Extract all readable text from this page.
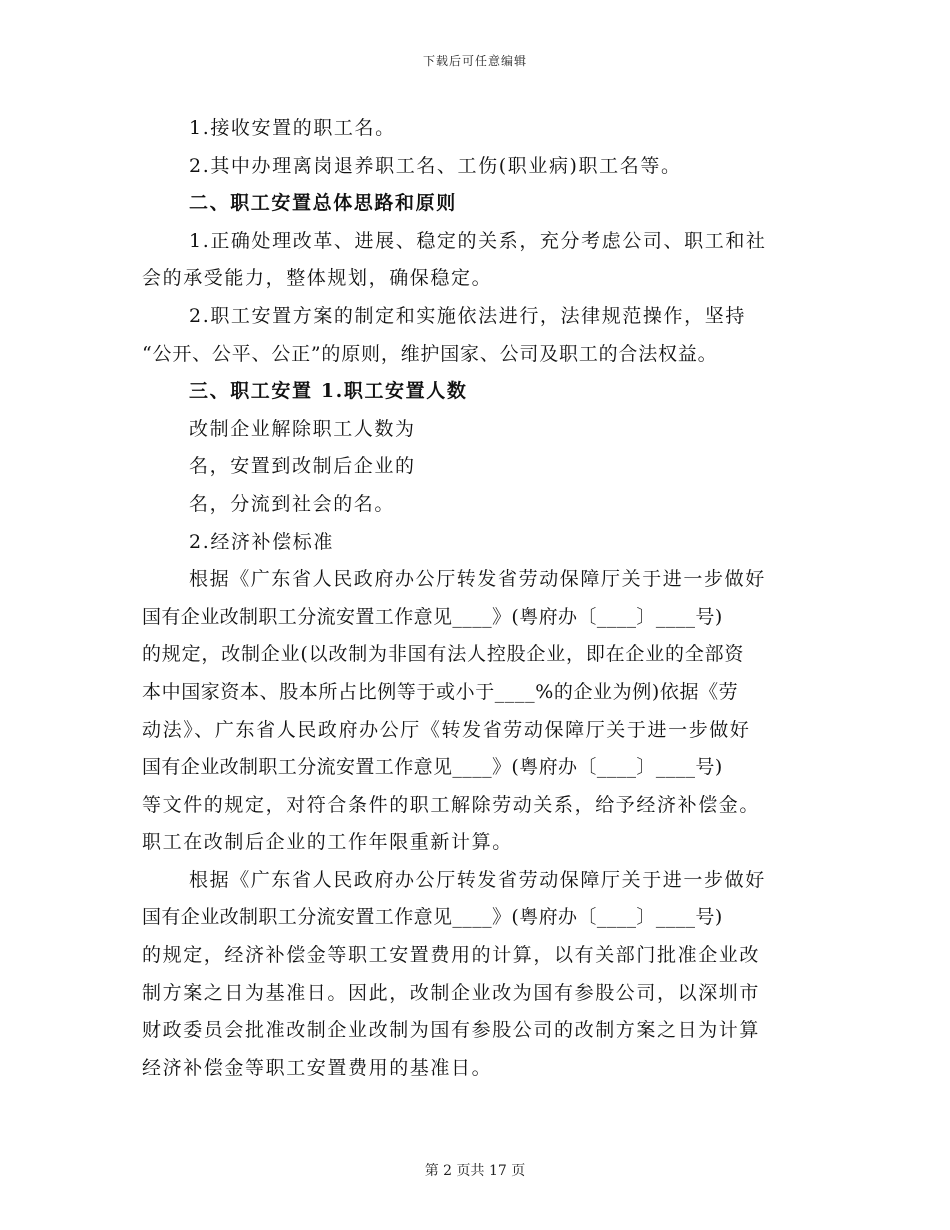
下载后可任意编辑
1.接收安置的职工名。
2.其中办理离岗退养职工名、工伤(职业病)职工名等。
二、职工安置总体思路和原则
1.正确处理改革、进展、稳定的关系，充分考虑公司、职工和社
会的承受能力，整体规划，确保稳定。
2.职工安置方案的制定和实施依法进行，法律规范操作，坚持
“公开、公平、公正”的原则，维护国家、公司及职工的合法权益。
三、职工安置 1.职工安置人数
改制企业解除职工人数为
名，安置到改制后企业的
名，分流到社会的名。
2.经济补偿标准
根据《广东省人民政府办公厅转发省劳动保障厅关于进一步做好
国有企业改制职工分流安置工作意见____》(粤府办〔____〕____号)
的规定，改制企业(以改制为非国有法人控股企业，即在企业的全部资
本中国家资本、股本所占比例等于或小于____%的企业为例)依据《劳
动法》、广东省人民政府办公厅《转发省劳动保障厅关于进一步做好
国有企业改制职工分流安置工作意见____》(粤府办〔____〕____号)
等文件的规定，对符合条件的职工解除劳动关系，给予经济补偿金。
职工在改制后企业的工作年限重新计算。
根据《广东省人民政府办公厅转发省劳动保障厅关于进一步做好
国有企业改制职工分流安置工作意见____》(粤府办〔____〕____号)
的规定，经济补偿金等职工安置费用的计算，以有关部门批准企业改
制方案之日为基准日。因此，改制企业改为国有参股公司，以深圳市
财政委员会批准改制企业改制为国有参股公司的改制方案之日为计算
经济补偿金等职工安置费用的基准日。
第 2 页共 17 页
